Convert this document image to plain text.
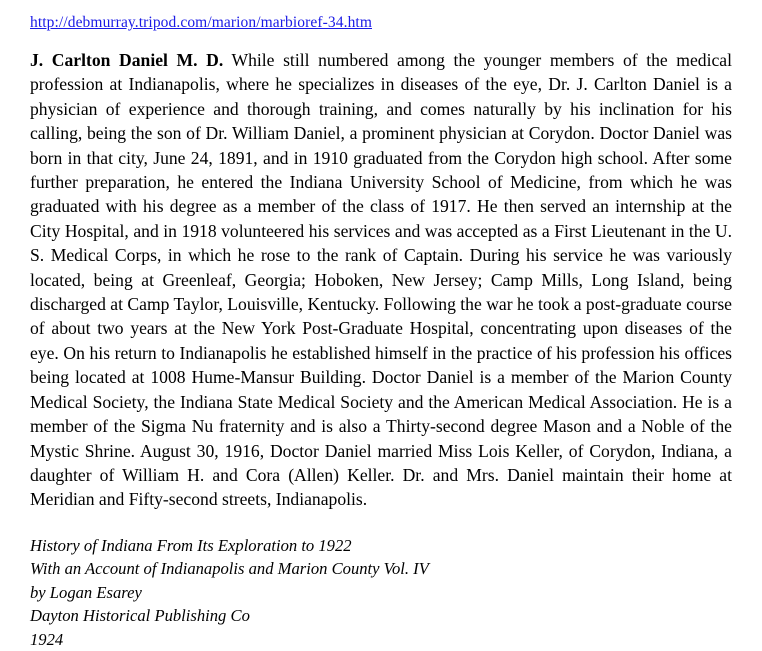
http://debmurray.tripod.com/marion/marbioref-34.htm

J. Carlton Daniel M. D. While still numbered among the younger members of the medical profession at Indianapolis, where he specializes in diseases of the eye, Dr. J. Carlton Daniel is a physician of experience and thorough training, and comes naturally by his inclination for his calling, being the son of Dr. William Daniel, a prominent physician at Corydon. Doctor Daniel was born in that city, June 24, 1891, and in 1910 graduated from the Corydon high school. After some further preparation, he entered the Indiana University School of Medicine, from which he was graduated with his degree as a member of the class of 1917. He then served an internship at the City Hospital, and in 1918 volunteered his services and was accepted as a First Lieutenant in the U. S. Medical Corps, in which he rose to the rank of Captain. During his service he was variously located, being at Greenleaf, Georgia; Hoboken, New Jersey; Camp Mills, Long Island, being discharged at Camp Taylor, Louisville, Kentucky. Following the war he took a post-graduate course of about two years at the New York Post-Graduate Hospital, concentrating upon diseases of the eye. On his return to Indianapolis he established himself in the practice of his profession his offices being located at 1008 Hume-Mansur Building. Doctor Daniel is a member of the Marion County Medical Society, the Indiana State Medical Society and the American Medical Association. He is a member of the Sigma Nu fraternity and is also a Thirty-second degree Mason and a Noble of the Mystic Shrine. August 30, 1916, Doctor Daniel married Miss Lois Keller, of Corydon, Indiana, a daughter of William H. and Cora (Allen) Keller. Dr. and Mrs. Daniel maintain their home at Meridian and Fifty-second streets, Indianapolis.

History of Indiana From Its Exploration to 1922
With an Account of Indianapolis and Marion County Vol. IV
by Logan Esarey
Dayton Historical Publishing Co
1924
